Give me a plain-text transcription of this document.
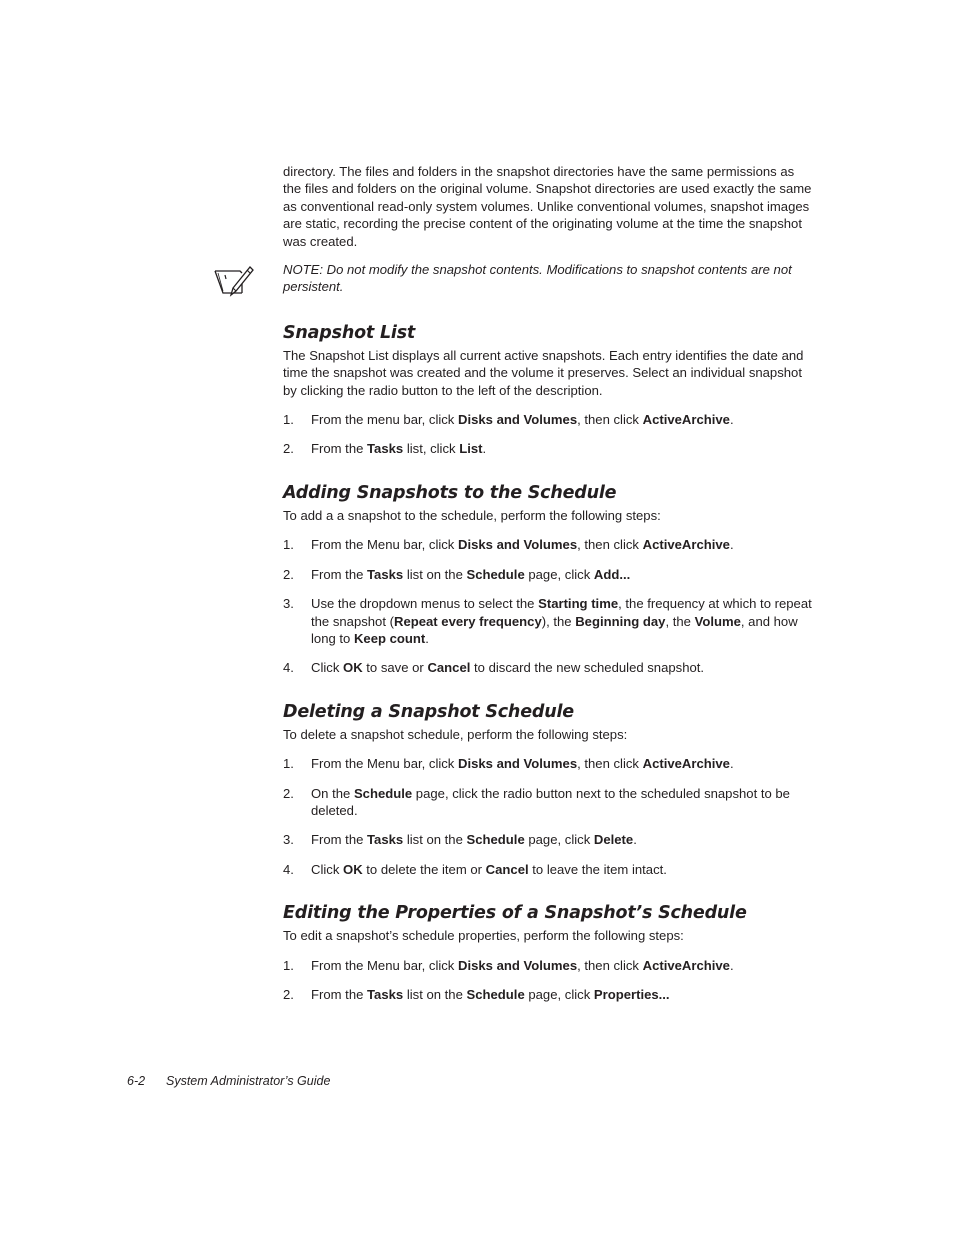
directory. The files and folders in the snapshot directories have the same permissions as the files and folders on the original volume. Snapshot directories are used exactly the same as conventional read-only system volumes. Unlike conventional volumes, snapshot images are static, recording the precise content of the originating volume at the time the snapshot was created.

NOTE: Do not modify the snapshot contents. Modifications to snapshot contents are not persistent.

Snapshot List

The Snapshot List displays all current active snapshots. Each entry identifies the date and time the snapshot was created and the volume it preserves. Select an individual snapshot by clicking the radio button to the left of the description.

1.	From the menu bar, click Disks and Volumes, then click ActiveArchive.
2.	From the Tasks list, click List.
Adding Snapshots to the Schedule

To add a a snapshot to the schedule, perform the following steps:

1.	From the Menu bar, click Disks and Volumes, then click ActiveArchive.
2.	From the Tasks list on the Schedule page, click Add...
3.	Use the dropdown menus to select the Starting time, the frequency at which to repeat the snapshot (Repeat every frequency), the Beginning day, the Volume, and how long to Keep count.
4.	Click OK to save or Cancel to discard the new scheduled snapshot.
Deleting a Snapshot Schedule

To delete a snapshot schedule, perform the following steps:

1.	From the Menu bar, click Disks and Volumes, then click ActiveArchive.
2.	On the Schedule page, click the radio button next to the scheduled snapshot to be deleted.
3.	From the Tasks list on the Schedule page, click Delete.
4.	Click OK to delete the item or Cancel to leave the item intact.
Editing the Properties of a Snapshot’s Schedule

To edit a snapshot’s schedule properties, perform the following steps:

1.	From the Menu bar, click Disks and Volumes, then click ActiveArchive.
2.	From the Tasks list on the Schedule page, click Properties...
6-2 System Administrator’s Guide
